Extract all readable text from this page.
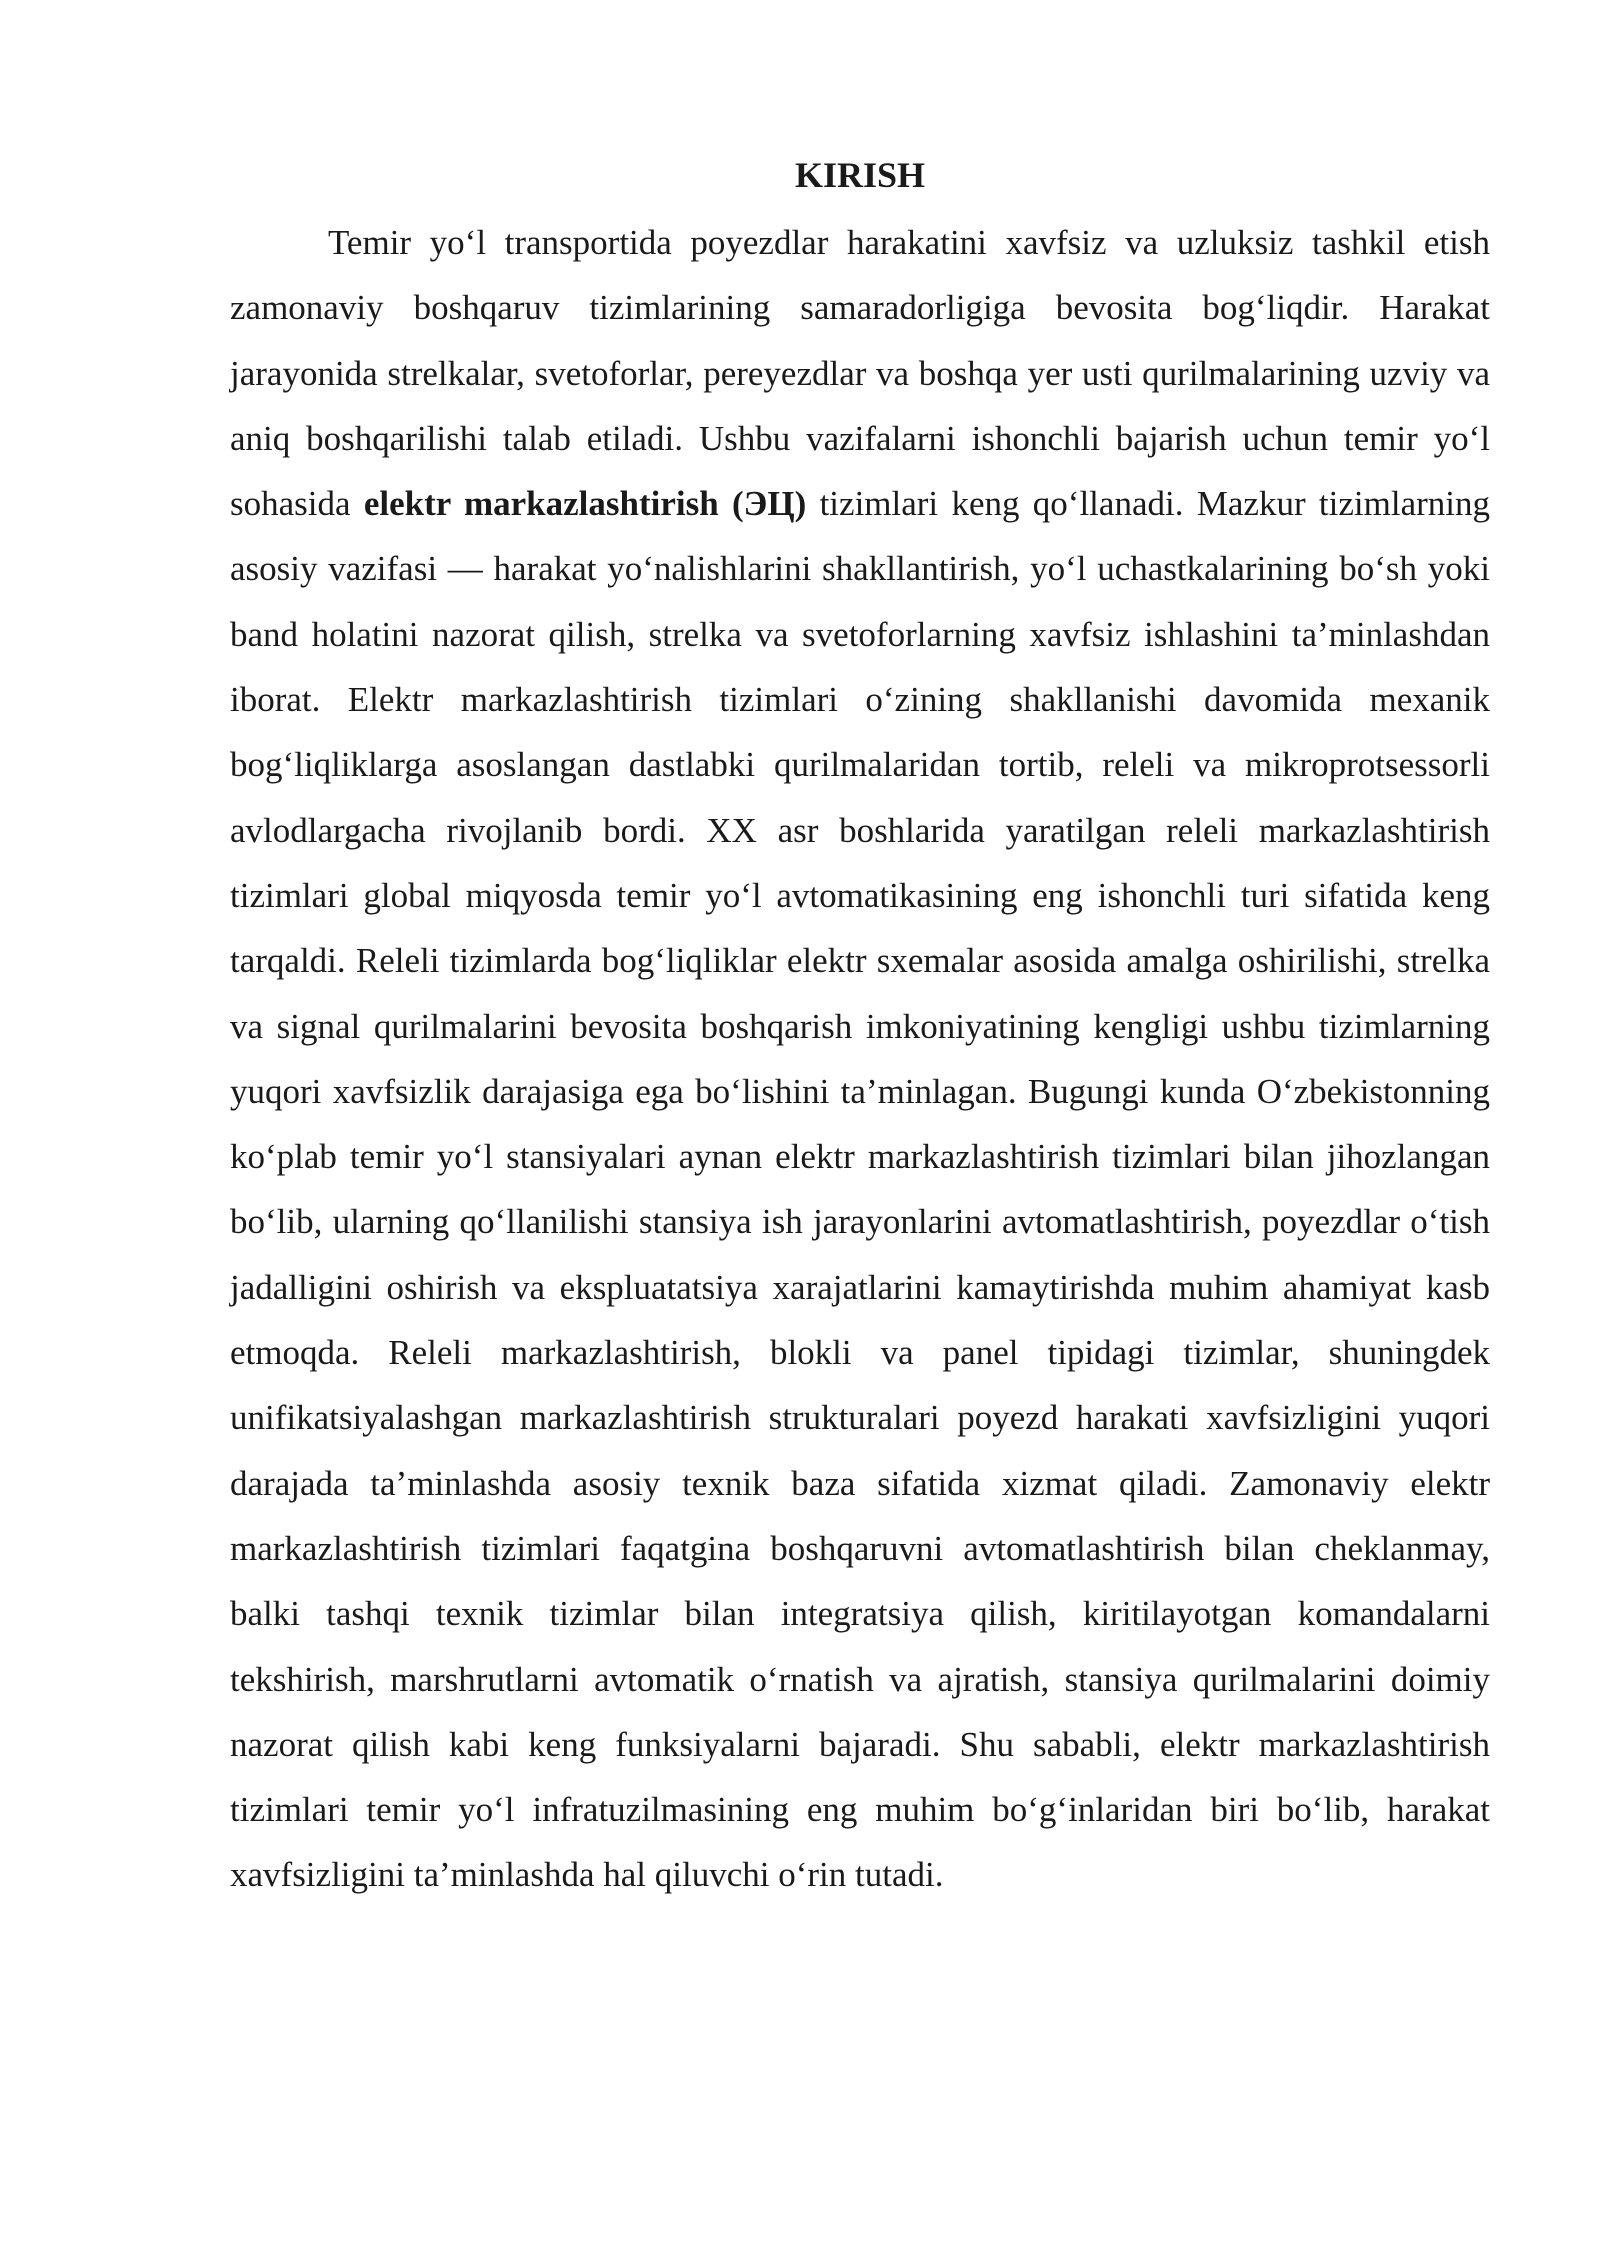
KIRISH

Temir yo‘l transportida poyezdlar harakatini xavfsiz va uzluksiz tashkil etish zamonaviy boshqaruv tizimlarining samaradorligiga bevosita bog‘liqdir. Harakat jarayonida strelkalar, svetoforlar, pereyezdlar va boshqa yer usti qurilmalarining uzviy va aniq boshqarilishi talab etiladi. Ushbu vazifalarni ishonchli bajarish uchun temir yo‘l sohasida elektr markazlashtirish (ЭЦ) tizimlari keng qo‘llanadi. Mazkur tizimlarning asosiy vazifasi — harakat yo‘nalishlarini shakllantirish, yo‘l uchastkalarining bo‘sh yoki band holatini nazorat qilish, strelka va svetoforlarning xavfsiz ishlashini ta’minlashdan iborat. Elektr markazlashtirish tizimlari o‘zining shakllanishi davomida mexanik bog‘liqliklarga asoslangan dastlabki qurilmalaridan tortib, releli va mikroprotsessorli avlodlargacha rivojlanib bordi. XX asr boshlarida yaratilgan releli markazlashtirish tizimlari global miqyosda temir yo‘l avtomatikasining eng ishonchli turi sifatida keng tarqaldi. Releli tizimlarda bog‘liqliklar elektr sxemalar asosida amalga oshirilishi, strelka va signal qurilmalarini bevosita boshqarish imkoniyatining kengligi ushbu tizimlarning yuqori xavfsizlik darajasiga ega bo‘lishini ta’minlagan. Bugungi kunda O‘zbekistonning ko‘plab temir yo‘l stansiyalari aynan elektr markazlashtirish tizimlari bilan jihozlangan bo‘lib, ularning qo‘llanilishi stansiya ish jarayonlarini avtomatlashtirish, poyezdlar o‘tish jadalligini oshirish va ekspluatatsiya xarajatlarini kamaytirishda muhim ahamiyat kasb etmoqda. Releli markazlashtirish, blokli va panel tipidagi tizimlar, shuningdek unifikatsiyalashgan markazlashtirish strukturalari poyezd harakati xavfsizligini yuqori darajada ta’minlashda asosiy texnik baza sifatida xizmat qiladi. Zamonaviy elektr markazlashtirish tizimlari faqatgina boshqaruvni avtomatlashtirish bilan cheklanmay, balki tashqi texnik tizimlar bilan integratsiya qilish, kiritilayotgan komandalarni tekshirish, marshrutlarni avtomatik o‘rnatish va ajratish, stansiya qurilmalarini doimiy nazorat qilish kabi keng funksiyalarni bajaradi. Shu sababli, elektr markazlashtirish tizimlari temir yo‘l infratuzilmasining eng muhim bo‘g‘inlaridan biri bo‘lib, harakat xavfsizligini ta’minlashda hal qiluvchi o‘rin tutadi.
